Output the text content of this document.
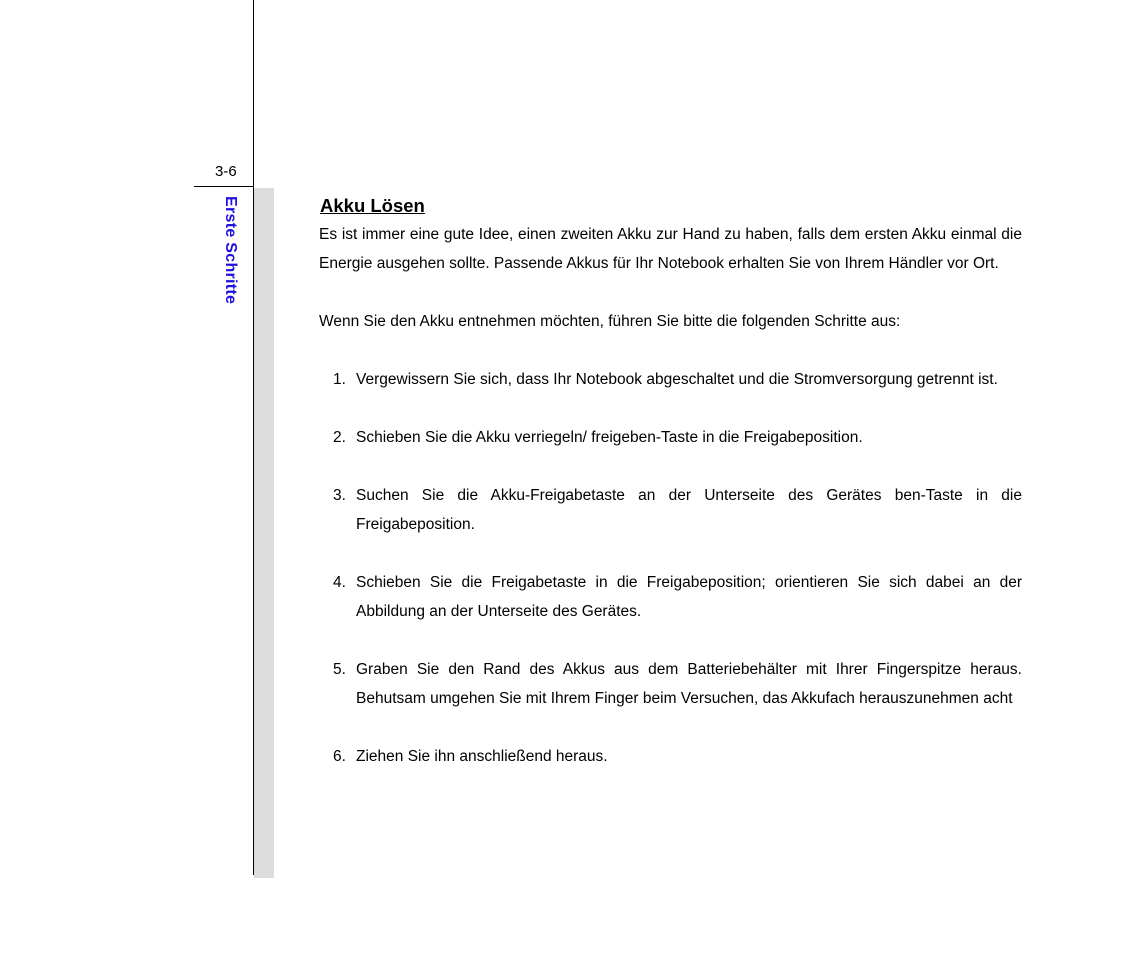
3-6
Erste Schritte	Akku Lösen

Es ist immer eine gute Idee, einen zweiten Akku zur Hand zu haben, falls dem ersten Akku einmal die Energie ausgehen sollte. Passende Akkus für Ihr Notebook erhalten Sie von Ihrem Händler vor Ort.

Wenn Sie den Akku entnehmen möchten, führen Sie bitte die folgenden Schritte aus:

1. Vergewissern Sie sich, dass Ihr Notebook abgeschaltet und die Stromversorgung getrennt ist.
2. Schieben Sie die Akku verriegeln/ freigeben-Taste in die Freigabeposition.
3. Suchen Sie die Akku-Freigabetaste an der Unterseite des Gerätes ben-Taste in die Freigabeposition.
4. Schieben Sie die Freigabetaste in die Freigabeposition; orientieren Sie sich dabei an der Abbildung an der Unterseite des Gerätes.
5. Graben Sie den Rand des Akkus aus dem Batteriebehälter mit Ihrer Fingerspitze heraus. Behutsam umgehen Sie mit Ihrem Finger beim Versuchen, das Akkufach herauszunehmen acht
6. Ziehen Sie ihn anschließend heraus.
